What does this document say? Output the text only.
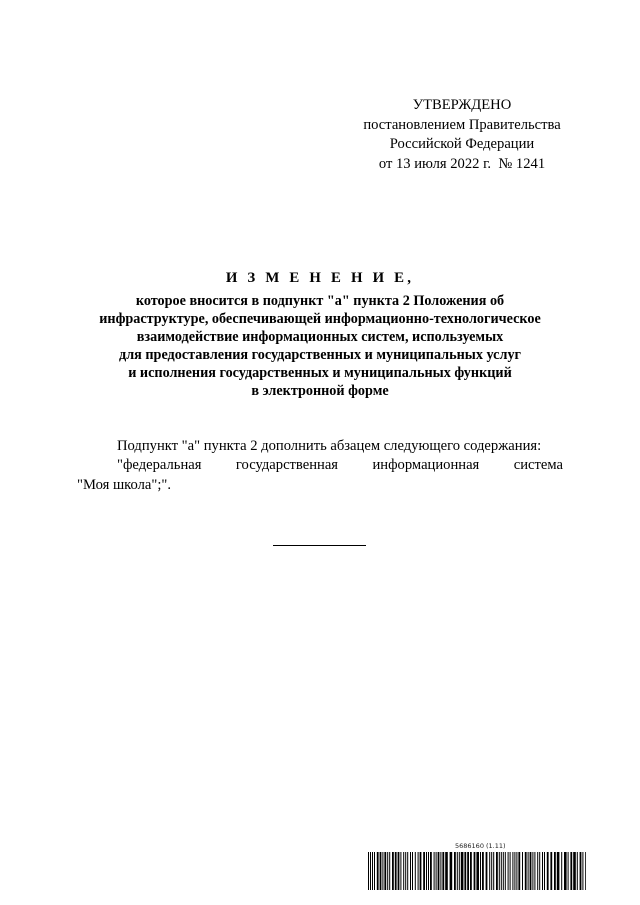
УТВЕРЖДЕНО
постановлением Правительства
Российской Федерации
от 13 июля 2022 г.  № 1241
И З М Е Н Е Н И Е,
которое вносится в подпункт "а" пункта 2 Положения об
инфраструктуре, обеспечивающей информационно-технологическое
взаимодействие информационных систем, используемых
для предоставления государственных и муниципальных услуг
и исполнения государственных и муниципальных функций
в электронной форме
Подпункт "а" пункта 2 дополнить абзацем следующего содержания:
"федеральная государственная информационная система
"Моя школа";".
5686160 (1.11)
